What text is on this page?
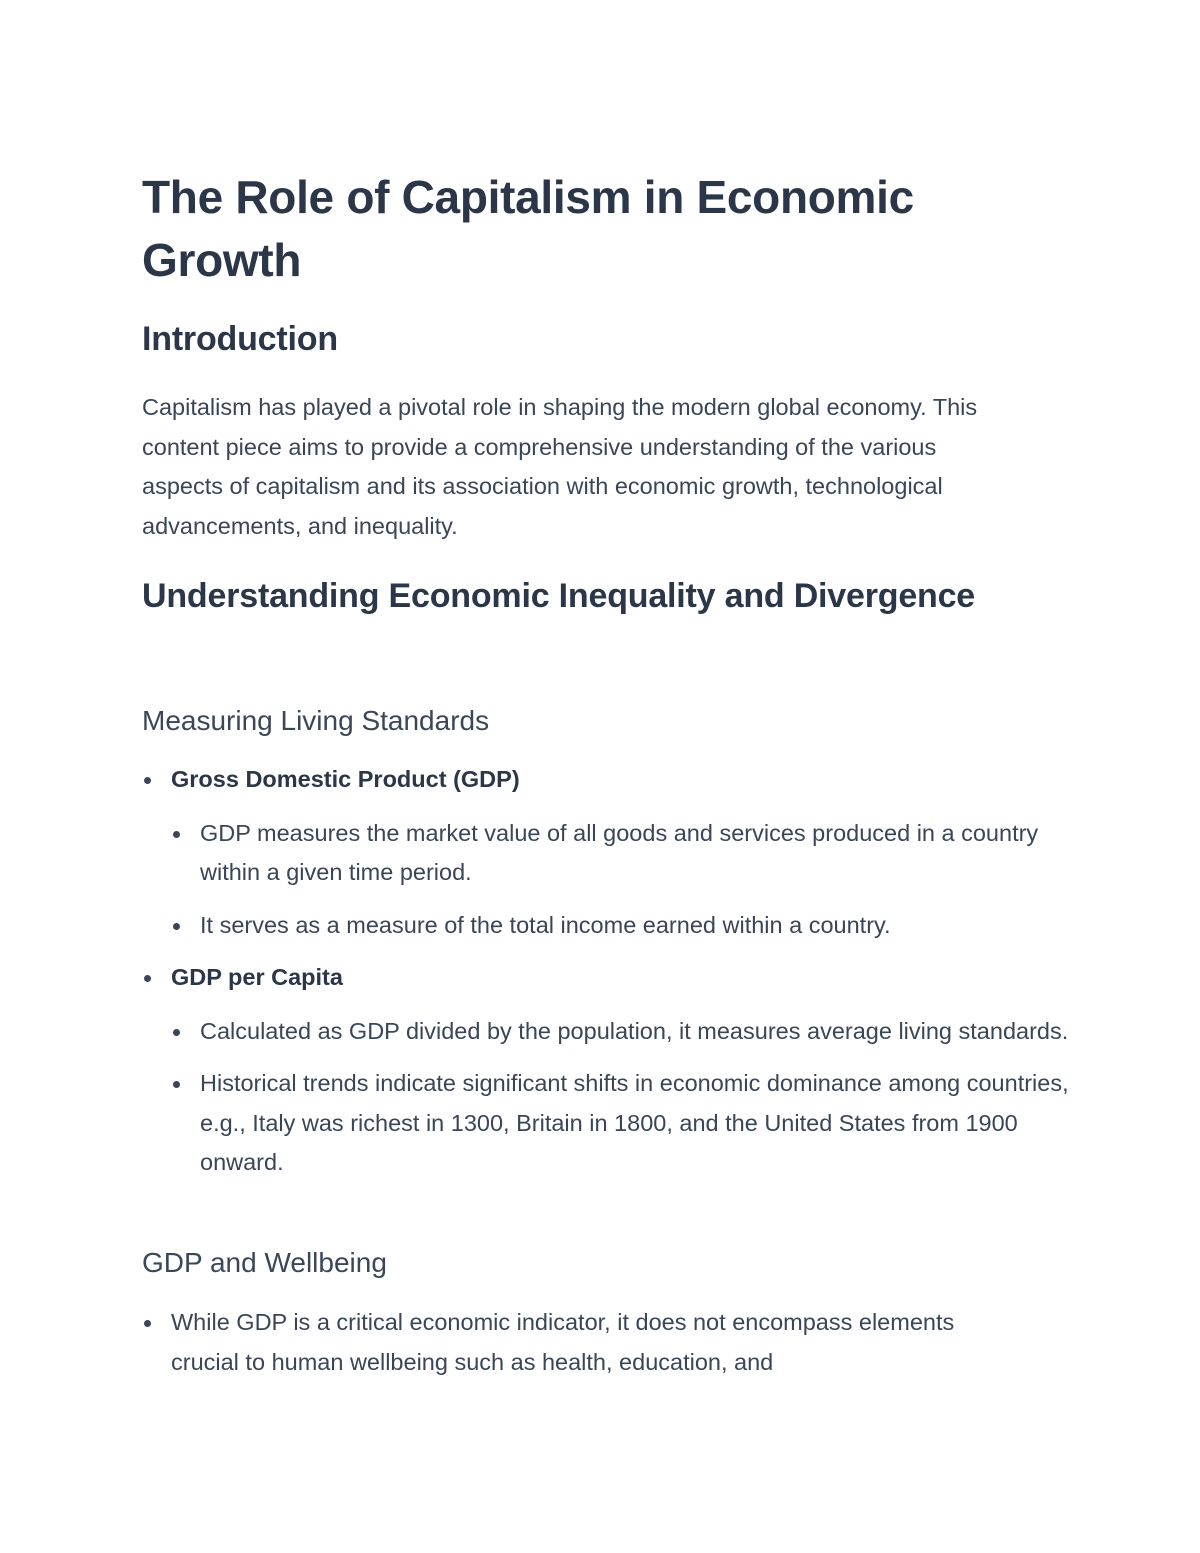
The Role of Capitalism in Economic Growth
Introduction

Capitalism has played a pivotal role in shaping the modern global economy. This content piece aims to provide a comprehensive understanding of the various aspects of capitalism and its association with economic growth, technological advancements, and inequality.

Understanding Economic Inequality and Divergence
Measuring Living Standards
Gross Domestic Product (GDP)
GDP measures the market value of all goods and services produced in a country within a given time period.
It serves as a measure of the total income earned within a country.
GDP per Capita
Calculated as GDP divided by the population, it measures average living standards.
Historical trends indicate significant shifts in economic dominance among countries, e.g., Italy was richest in 1300, Britain in 1800, and the United States from 1900 onward.
GDP and Wellbeing
While GDP is a critical economic indicator, it does not encompass elements crucial to human wellbeing such as health, education, and
